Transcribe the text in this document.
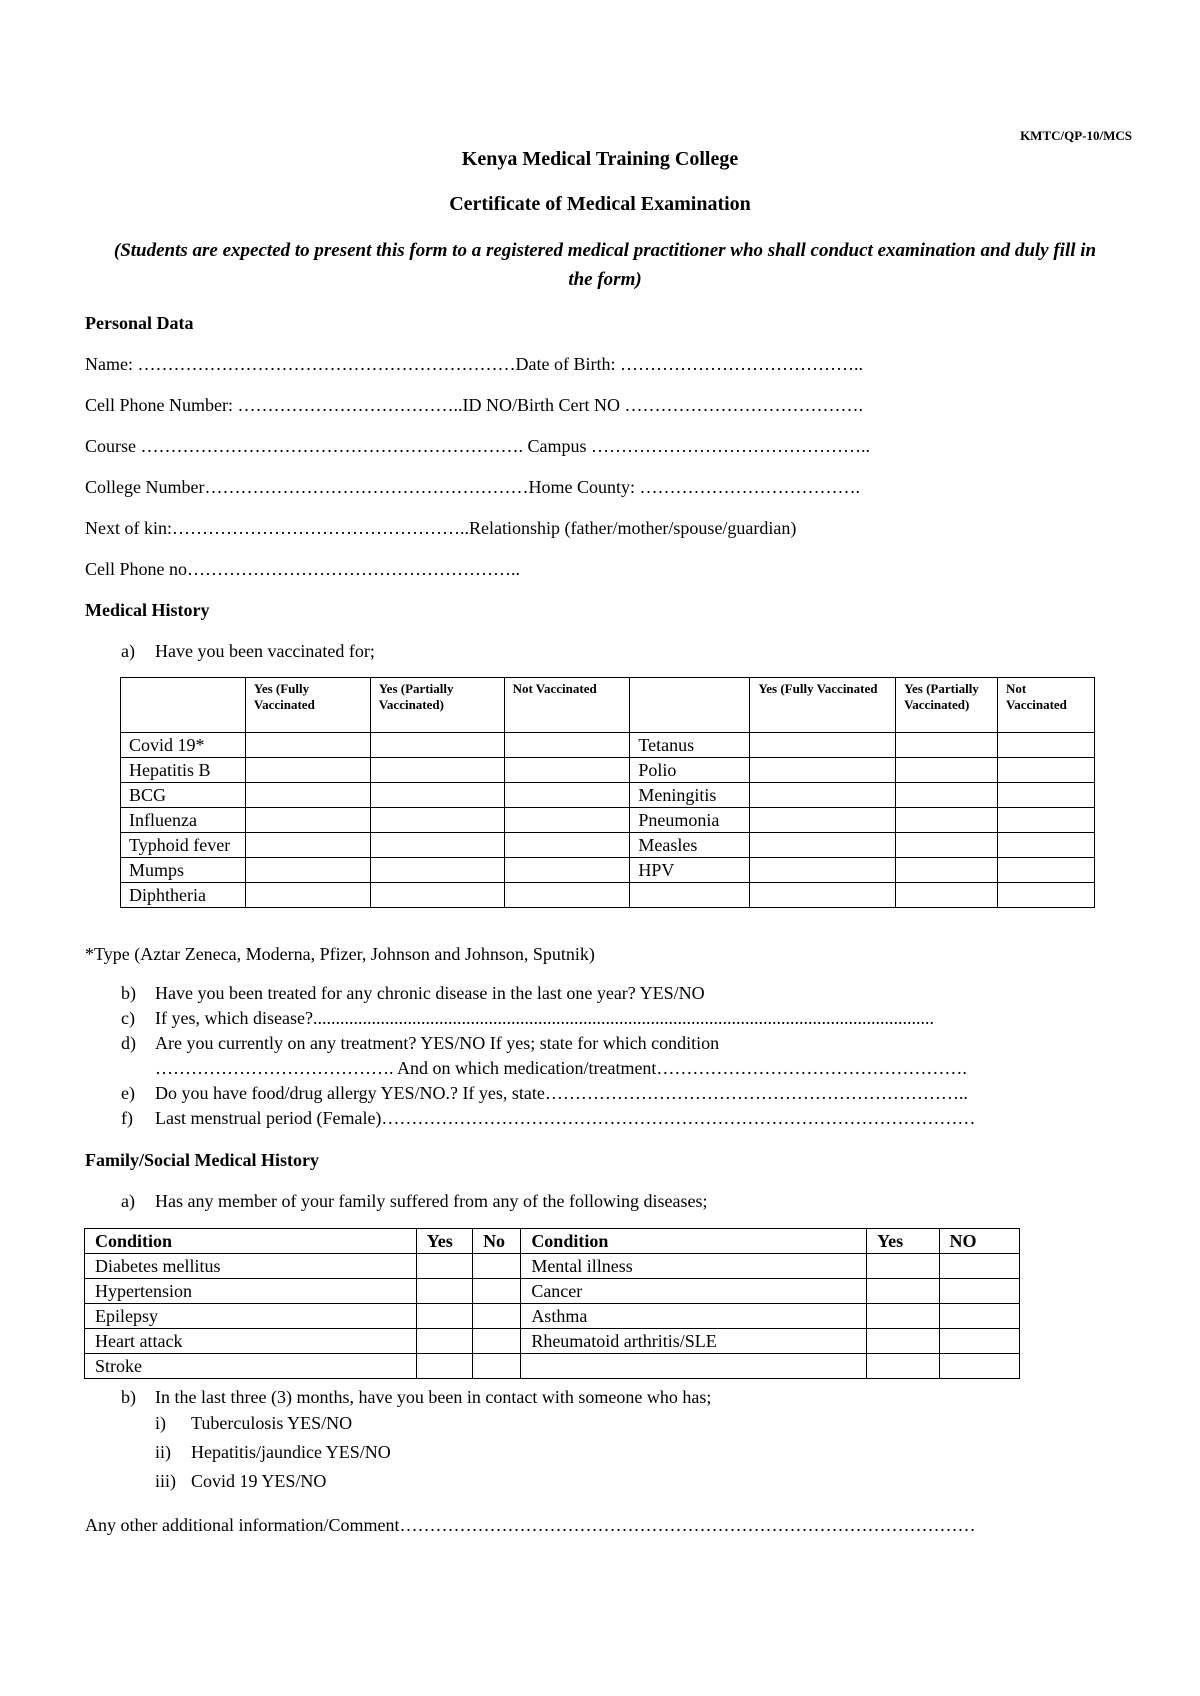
KMTC/QP-10/MCS
Kenya Medical Training College
Certificate of Medical Examination
(Students are expected to present this form to a registered medical practitioner who shall conduct examination and duly fill in the form)
Personal Data
Name: ………………………………………………………Date of Birth: …………………………………..
Cell Phone Number: ………………………………..ID NO/Birth Cert NO ………………………………….
Course ………………………………………………………. Campus ………………………………………..
College Number………………………………………………Home County: ……………………………….
Next of kin:…………………………………………..Relationship (father/mother/spouse/guardian)
Cell Phone no………………………………………………..
Medical History
a) Have you been vaccinated for;
	Yes (Fully Vaccinated	Yes (Partially Vaccinated)	Not Vaccinated		Yes (Fully Vaccinated	Yes (Partially Vaccinated)	Not Vaccinated
Covid 19*				Tetanus			
Hepatitis B				Polio			
BCG				Meningitis			
Influenza				Pneumonia			
Typhoid fever				Measles			
Mumps				HPV			
Diphtheria							
*Type (Aztar Zeneca, Moderna, Pfizer, Johnson and Johnson, Sputnik)
b) Have you been treated for any chronic disease in the last one year? YES/NO
c) If yes, which disease?..........................................................................................................................................
d) Are you currently on any treatment? YES/NO If yes; state for which condition
…………………………………. And on which medication/treatment…………………………………………….
e) Do you have food/drug allergy YES/NO.? If yes, state……………………………………………………………..
f) Last menstrual period (Female)………………………………………………………………………………………
Family/Social Medical History
a) Has any member of your family suffered from any of the following diseases;
Condition	Yes	No	Condition	Yes	NO
Diabetes mellitus			Mental illness		
Hypertension			Cancer		
Epilepsy			Asthma		
Heart attack			Rheumatoid arthritis/SLE		
Stroke					
b) In the last three (3) months, have you been in contact with someone who has;
i) Tuberculosis YES/NO
ii) Hepatitis/jaundice YES/NO
iii) Covid 19 YES/NO
Any other additional information/Comment……………………………………………………………………………………
